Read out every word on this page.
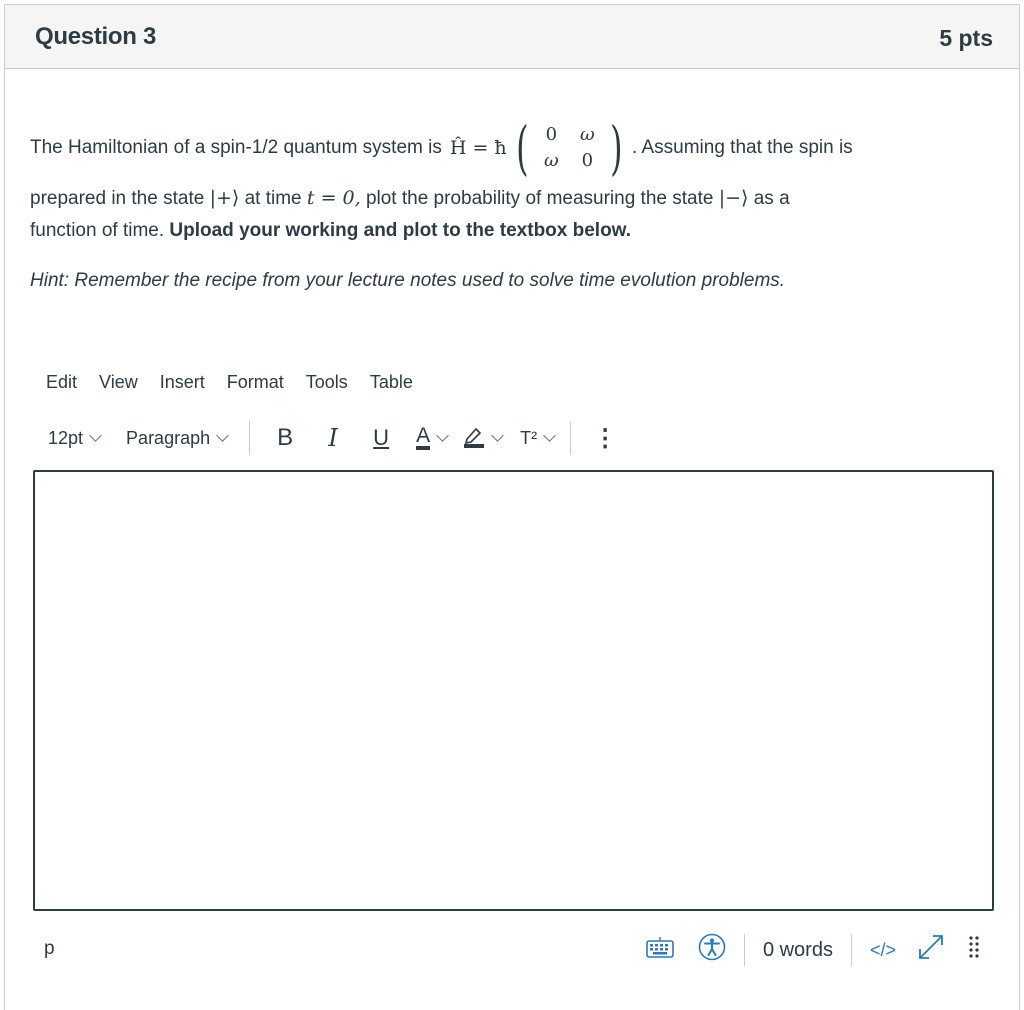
Question 3	5 pts
The Hamiltonian of a spin-1/2 quantum system is Ĥ = ħ ( 0	ω
ω	0 ) . Assuming that the spin is
prepared in the state |+⟩ at time t = 0, plot the probability of measuring the state |−⟩ as a
function of time. Upload your working and plot to the textbox below.
Hint: Remember the recipe from your lecture notes used to solve time evolution problems.
Edit View Insert Format Tools Table
12pt Paragraph	B	I	U	A	T² ⋮
p	0 words </>
